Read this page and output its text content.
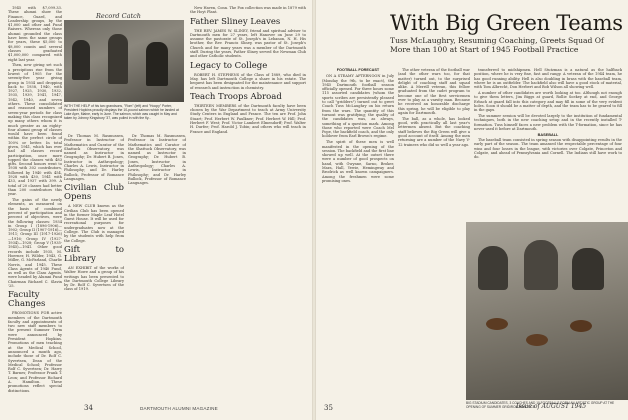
Record Catch

1945 with $7,099.33. These alumni show the Finance, Guard, and Leadership groups, by the $1,000 and other and Fund Raisers. Whereas only those alumni grounded the class have been the same groups for years, these $5,000 to $8,000 counts and several classes graduated $1,000,000 compared with eight last year.

Then, new giving set such a precipitous rise from the lowest of 1905 for the seventy-five year giving group in 1934 and dropping back to 1938, 1940, with 1927, 1925, 1930, 1932, 1935, 1939, 1941, 1947, 1942, 1940, and seven others. These consolidated and reasoned numbers of seven-year periods for class making this class recognized up many others whom it is much greater as an eighty-four alumni group of classes would have been found within the perfect circle of 100% or better. In total given, 1941, which has ever had all classes record participation, once more topped the classes with 483 gifts. Second honors went to 1938 with 302 contributors, followed by 1940 with 454, 1928 with 430, 1941 with 433, and 1937 with 399. A total of 20 classes had better than 200 contributors this year.

The gains of the newly elements, as measured on the basis of combined percent of participation and percent of objectives, were the following classes: 1934 in Group I (1896-1906)—1902; Group II (1907-1916)—1911; Group III (1917-1926)—1916; Group IV (1927-1934)—1928; Group V (1935-1945)—1941. Other good records include 1935, M. Hoerner, H. Wilder, 1943, G. Miller, G. McFarland, Charlie Norris, and 1945. These Class Agents of 1940 Fund, as well as the Class Agents, were headed by Alumni Fund Chairman Richard C. Slavin '25.

Faculty Changes

PROMOTIONS FOR active members of the Dartmouth faculty and appointments of two new staff members to the present Summer Term were announced by President Hopkins. Promotions of men teaching at the Medical School, announced a month ago, include those of Dr. Rolf C. Syvertsen, Dean of the Medical School; Professor Rolf C. Syvertsen; Dr. Harry T. Barnes; Professor Frank T. Leon; and Professor Richard A. Hamilton. These promotions reflect special distinctions.

WITH THE HELP of his two grandsons, "Rom" (left) and "Hoopy" Porter, President Hopkins proudly displays the 10-pound salmon which he landed at Lake Ayer, Maine, early in June. The salmon, which was caught in May and taken by Johnny Kingsbury '37, was pulled in with the fly...

Dr. Thomas M. Rasmussen, Professor in Instructor of Mathematics and Curator of the Shattuck Observatory, was named as Instructor in Geography; Dr. Hubert B. Jones, Instructor in Anthropology; Charles A. Lewis, Instructor in Philosophy; and Dr. Harley Bullock, Professor of Romance Languages.

Civilian Club Opens

A NEW CLUB known as the Civilian Club has been opened in the former Maple Leaf Hotel Guest House. It will be used for recreational purposes for undergraduates now at the College. The Club is managed by the students with help from the College.

Gift to Library

AN EXHIBIT of the works of Walter Howe and a group of his writings has been presented to the Dartmouth College Library by Dr. Rolf C. Syvertsen of the class of 1919.

Dr. Thomas M. Rasmussen, Professor in Instructor of Mathematics and Curator of the Shattuck Observatory, was named as Instructor in Geography; Dr. Hubert B. Jones, Instructor in Anthropology; Charles A. Lewis, Instructor in Philosophy; and Dr. Harley Bullock, Professor of Romance Languages.

New Haven, Conn. The Fox collection was made in 1879 with the Hoyt Plant.

Father Sliney Leaves

THE REV. JAMES W. SLINEY, friend and spiritual adviser to Dartmouth men for 27 years, left Hanover on June 29 to assume the pastorate of St. Joseph's in Lebanon, N. H. His brother, the Rev. Francis Sliney, was pastor of St. Joseph's Church and for many years was a member of the Dartmouth staff. During the years, Father Sliney served the Newman Club and other Catholic students.

Legacy to College

ROBERT H. STEPHENS of the Class of 1889, who died in May, has left Dartmouth College a share in his estate. The bequest has been designated for the maintenance and support of research and instruction in chemistry.

Teach Troops Abroad

THIRTEEN MEMBERS of the Dartmouth faculty have been chosen by the War Department to teach at Army University Study Centers in England and France. The ten are Prof. John Stuart; Prof. Herbert W. Faulkner; Prof. Herbert W. Hill; Prof. Herbert F. West; Prof. Victor Lambert Elmendorff; Prof. Walter H. Durfee; Prof. Harold J. Tobin; and others who will teach in France and England.

34	DARTMOUTH ALUMNI MAGAZINE
With Big Green Teams
Tuss McLaughry, Resuming Coaching, Greets Squad Of More than 100 at Start of 1945 Football Practice
FOOTBALL FORECAST

ON A STEAMY AFTERNOON in July (Monday the 9th, to be exact), the 1945 Dartmouth football season officially opened. For three hours some 115 assorted candidates (whom the sports scribes are persistently pleased to call "gridders") turned out to greet Coach Tuss McLaughry on his return from the wars. The quantity of this turnout was gratifying; the quality of the candidates was, as always, something of a question mark. Among those who reported were Coach Mel Pope, the backfield coach, and the only holdover from Earl Brown's regime.

The spirit of these men is well manifested in the opening of the session. The backfield and the first line showed up well. At the outset there were a number of good prospects on hand, with Gwynne, Sarno, Broker, Mara, Hall, Yewie, Hemingway and Brodrick as well known campaigners. Among the freshmen were some promising ones.

The other veteran of the football war (and the other wars too, for that matter) turned out, to the surprised delight of coaching staff and squad alike. A Merrill veteran, this fellow graduated from the cadet program to become one of the first servicemen ever to play as a varsity man. Because he received an honorable discharge this spring, he will be eligible to play again for Dartmouth.

The ball, as a whole, has looked good, with practically all last year's lettermen absent. But the coaching staff believes the Big Green will give a good account of itself. Among the men returning are a number of the Navy V-12 trainees who did so well a year ago.

transferred to midshipmen. Hell Stutzman is a natural as the halfback position, where he is very fine, fast and rangy. A veteran of the 1944 team, he has good running ability. Hell is also doubling in brass with the baseball team, where he is an outfielder. The backfield also will have a good stock of material, with Tom Albrecht, Don Herbert and Bob Wilson all showing well.

A number of other candidates are worth looking at too. Although not enough to give them letters, Jim Biggs at guard, Rollie Soekey at end, and George Erbach at guard fall into this category and may fill in some of the very evident holes. Soon it should be a matter of depth, and the team has to be geared to fill in the gaps.

The summer session will be devoted largely to the institution of fundamental techniques, both in the new coaching setup and in the recently installed T-formation. Tuss himself faces a new problem with the T-formation, since he has never used it before at Dartmouth.

BASEBALL

The baseball team consisted in spring season with disappointing results in the early part of the season. The team amassed the respectable percentage of four wins and four losses in the league, with victories over Colgate, Princeton and Colgate, and ahead of Pennsylvania and Cornell. The Indians still have work to do.

BIG STADIUM CANDIDATES, 3 COACHES AND 10 FOOTBALLS FORM AN ARTISTIC GROUP AT THE OPENING OF SUMMER GRIDIRON PRACTICE.
35	Issue of AUGUST 1945
